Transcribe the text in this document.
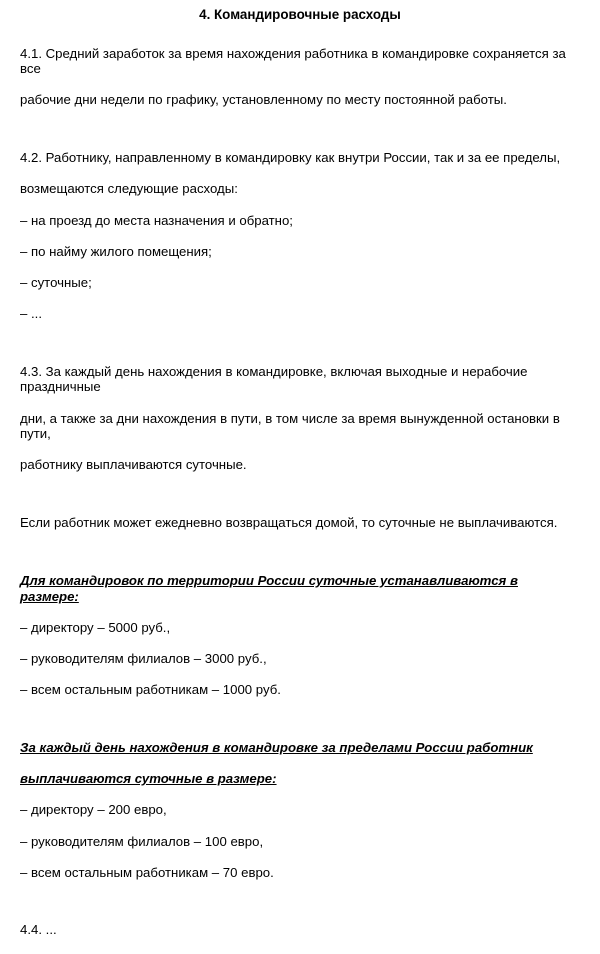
4. Командировочные расходы

4.1. Средний заработок за время нахождения работника в командировке сохраняется за все

рабочие дни недели по графику, установленному по месту постоянной работы.

4.2. Работнику, направленному в командировку как внутри России, так и за ее пределы,

возмещаются следующие расходы:

– на проезд до места назначения и обратно;

– по найму жилого помещения;

– суточные;

– ...

4.3. За каждый день нахождения в командировке, включая выходные и нерабочие праздничные

дни, а также за дни нахождения в пути, в том числе за время вынужденной остановки в пути,

работнику выплачиваются суточные.

Если работник может ежедневно возвращаться домой, то суточные не выплачиваются.

Для командировок по территории России суточные устанавливаются в размере:

– директору – 5000 руб.,

– руководителям филиалов – 3000 руб.,

– всем остальным работникам – 1000 руб.

За каждый день нахождения в командировке за пределами России работник

выплачиваются суточные в размере:

– директору – 200 евро,

– руководителям филиалов – 100 евро,

– всем остальным работникам – 70 евро.

4.4. ...
